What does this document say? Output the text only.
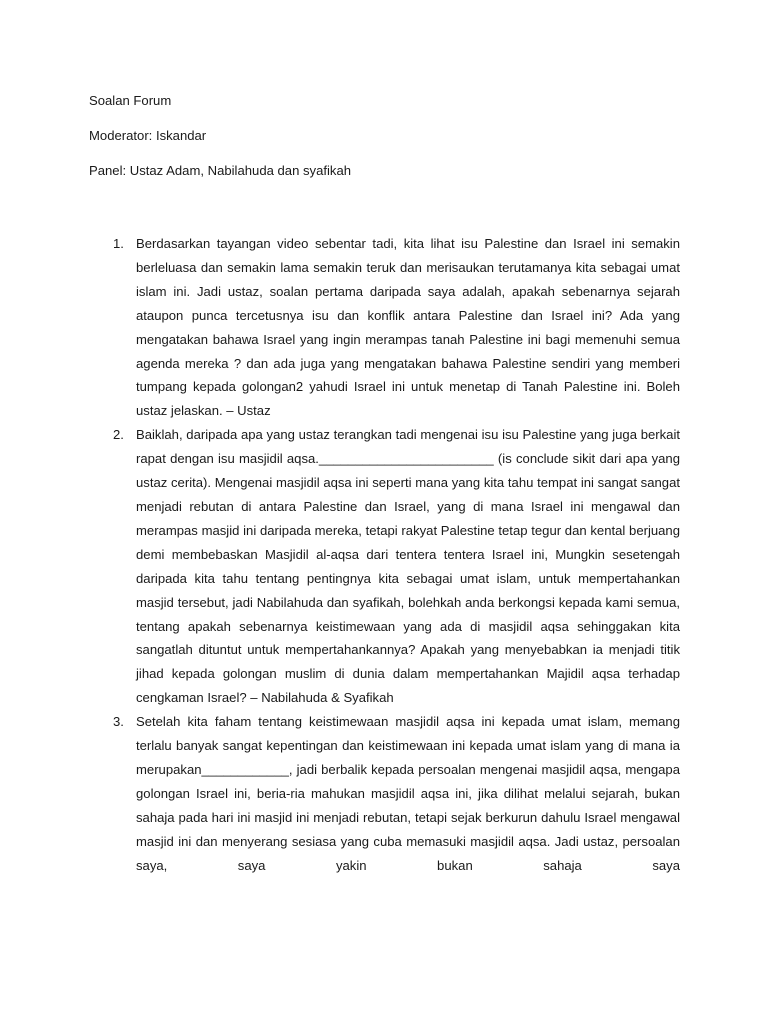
Soalan Forum

Moderator: Iskandar

Panel: Ustaz Adam, Nabilahuda dan syafikah

1. Berdasarkan tayangan video sebentar tadi, kita lihat isu Palestine dan Israel ini semakin berleluasa dan semakin lama semakin teruk dan merisaukan terutamanya kita sebagai umat islam ini. Jadi ustaz, soalan pertama daripada saya adalah, apakah sebenarnya sejarah ataupon punca tercetusnya isu dan konflik antara Palestine dan Israel ini? Ada yang mengatakan bahawa Israel yang ingin merampas tanah Palestine ini bagi memenuhi semua agenda mereka ? dan ada juga yang mengatakan bahawa Palestine sendiri yang memberi tumpang kepada golongan2 yahudi Israel ini untuk menetap di Tanah Palestine ini. Boleh ustaz jelaskan. – Ustaz
2. Baiklah, daripada apa yang ustaz terangkan tadi mengenai isu isu Palestine yang juga berkait rapat dengan isu masjidil aqsa.________________________ (is conclude sikit dari apa yang ustaz cerita). Mengenai masjidil aqsa ini seperti mana yang kita tahu tempat ini sangat sangat menjadi rebutan di antara Palestine dan Israel, yang di mana Israel ini mengawal dan merampas masjid ini daripada mereka, tetapi rakyat Palestine tetap tegur dan kental berjuang demi membebaskan Masjidil al-aqsa dari tentera tentera Israel ini, Mungkin sesetengah daripada kita tahu tentang pentingnya kita sebagai umat islam, untuk mempertahankan masjid tersebut, jadi Nabilahuda dan syafikah, bolehkah anda berkongsi kepada kami semua, tentang apakah sebenarnya keistimewaan yang ada di masjidil aqsa sehinggakan kita sangatlah dituntut untuk mempertahankannya? Apakah yang menyebabkan ia menjadi titik jihad kepada golongan muslim di dunia dalam mempertahankan Majidil aqsa terhadap cengkaman Israel? – Nabilahuda & Syafikah
3. Setelah kita faham tentang keistimewaan masjidil aqsa ini kepada umat islam, memang terlalu banyak sangat kepentingan dan keistimewaan ini kepada umat islam yang di mana ia merupakan____________, jadi berbalik kepada persoalan mengenai masjidil aqsa, mengapa golongan Israel ini, beria-ria mahukan masjidil aqsa ini, jika dilihat melalui sejarah, bukan sahaja pada hari ini masjid ini menjadi rebutan, tetapi sejak berkurun dahulu Israel mengawal masjid ini dan menyerang sesiasa yang cuba memasuki masjidil aqsa. Jadi ustaz, persoalan saya, saya yakin bukan sahaja saya
